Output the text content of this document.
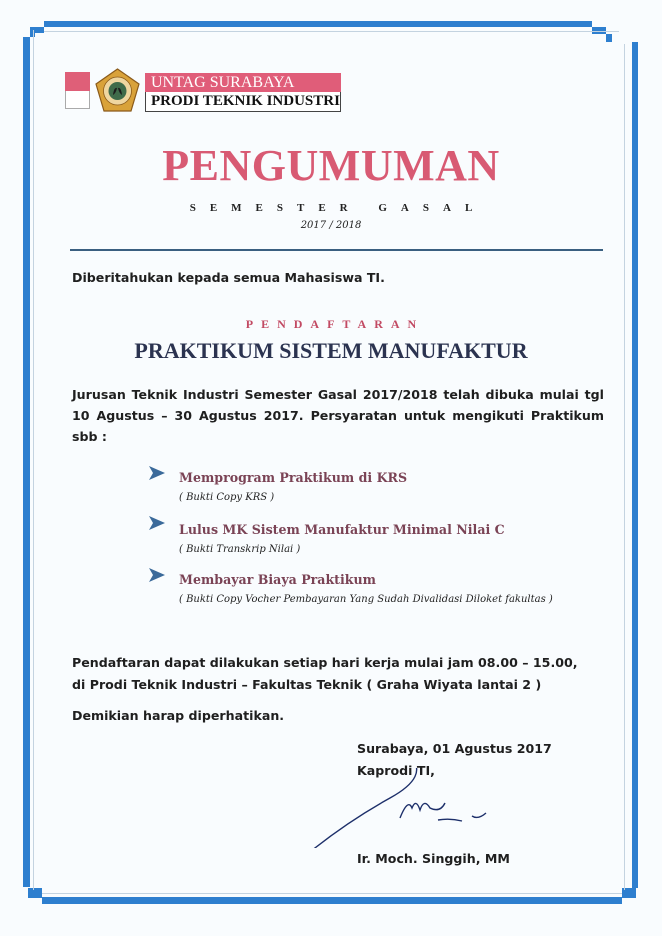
UNTAG SURABAYA
PRODI TEKNIK INDUSTRI
PENGUMUMAN
SEMESTER GASAL
2017 / 2018
Diberitahukan kepada semua Mahasiswa TI.
PENDAFTARAN
PRAKTIKUM SISTEM MANUFAKTUR
Jurusan Teknik Industri Semester Gasal 2017/2018 telah dibuka mulai tgl 10 Agustus – 30 Agustus 2017. Persyaratan untuk mengikuti Praktikum sbb :
Memprogram Praktikum di KRS
( Bukti Copy KRS )
Lulus MK Sistem Manufaktur Minimal Nilai C
( Bukti Transkrip Nilai )
Membayar Biaya Praktikum
( Bukti Copy Vocher Pembayaran Yang Sudah Divalidasi Diloket fakultas )
Pendaftaran dapat dilakukan setiap hari kerja mulai jam 08.00 – 15.00,
di Prodi Teknik Industri – Fakultas Teknik ( Graha Wiyata lantai 2 )
Demikian harap diperhatikan.
Surabaya, 01 Agustus 2017
Kaprodi TI,
Ir. Moch. Singgih, MM
